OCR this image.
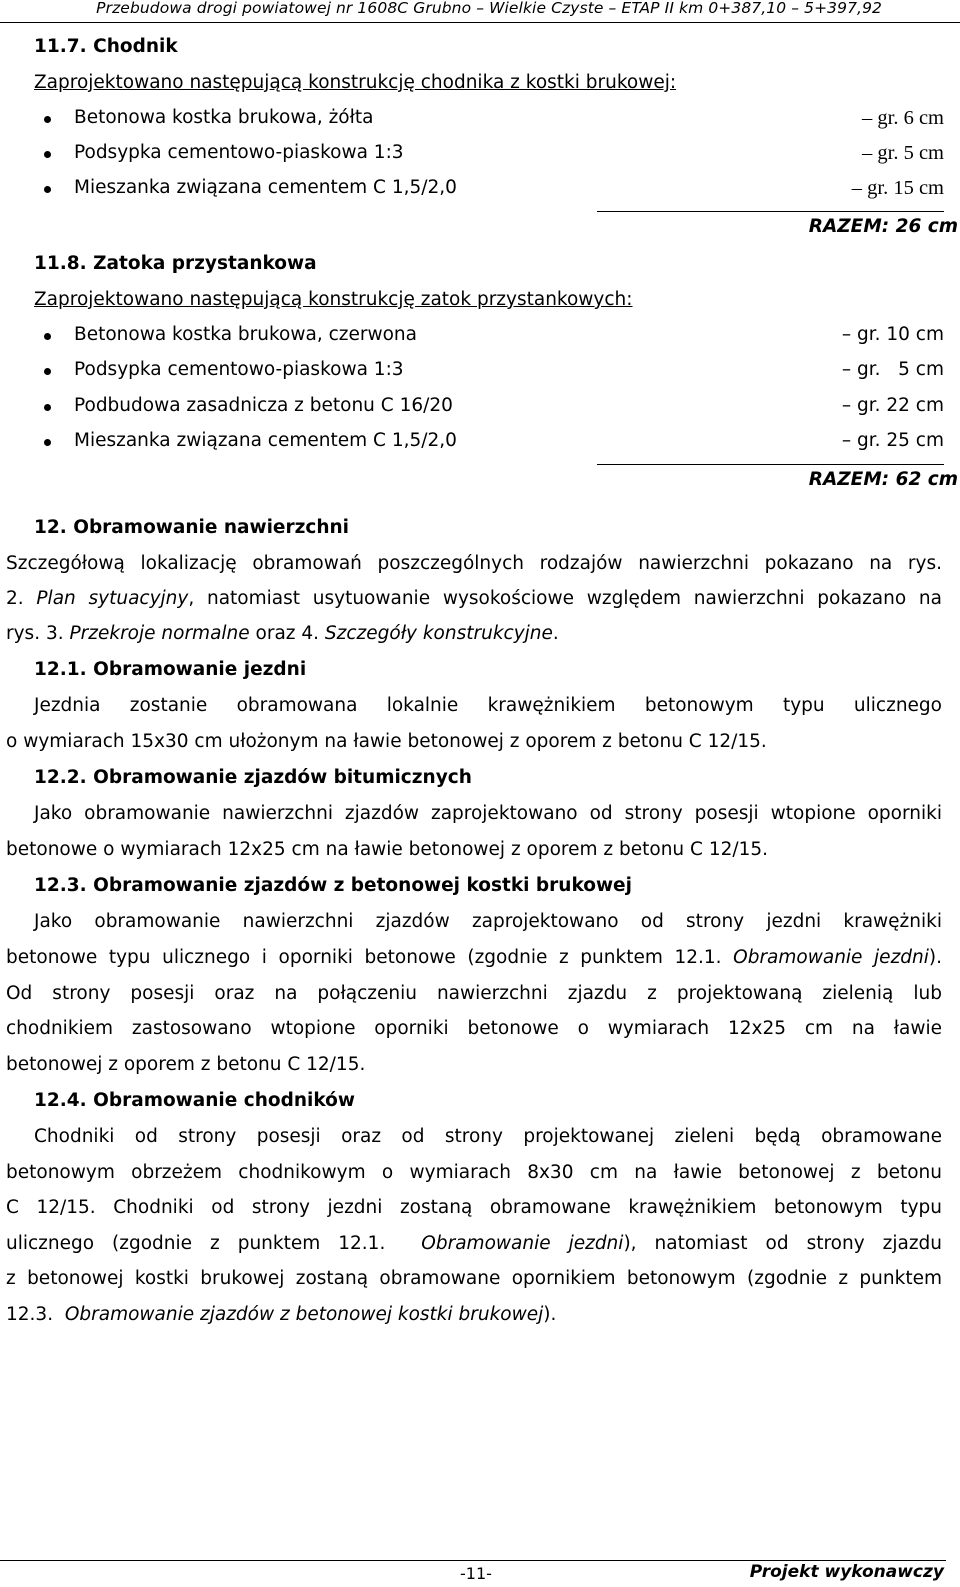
Przebudowa drogi powiatowej nr 1608C Grubno – Wielkie Czyste – ETAP II km 0+387,10 – 5+397,92
11.7. Chodnik
Zaprojektowano następującą konstrukcję chodnika z kostki brukowej:
Betonowa kostka brukowa, żółta	– gr. 6 cm
Podsypka cementowo-piaskowa 1:3	– gr. 5 cm
Mieszanka związana cementem C 1,5/2,0	– gr. 15 cm
RAZEM: 26 cm
11.8. Zatoka przystankowa
Zaprojektowano następującą konstrukcję zatok przystankowych:
Betonowa kostka brukowa, czerwona	– gr. 10 cm
Podsypka cementowo-piaskowa 1:3	– gr.   5 cm
Podbudowa zasadnicza z betonu C 16/20	– gr. 22 cm
Mieszanka związana cementem C 1,5/2,0	– gr. 25 cm
RAZEM: 62 cm
12. Obramowanie nawierzchni
Szczegółową lokalizację obramowań poszczególnych rodzajów nawierzchni pokazano na rys.
2. Plan sytuacyjny, natomiast usytuowanie wysokościowe względem nawierzchni pokazano na
rys. 3. Przekroje normalne oraz 4. Szczegóły konstrukcyjne.
12.1. Obramowanie jezdni
Jezdnia zostanie obramowana lokalnie krawężnikiem betonowym typu ulicznego
o wymiarach 15x30 cm ułożonym na ławie betonowej z oporem z betonu C 12/15.
12.2. Obramowanie zjazdów bitumicznych
Jako obramowanie nawierzchni zjazdów zaprojektowano od strony posesji wtopione oporniki
betonowe o wymiarach 12x25 cm na ławie betonowej z oporem z betonu C 12/15.
12.3. Obramowanie zjazdów z betonowej kostki brukowej
Jako obramowanie nawierzchni zjazdów zaprojektowano od strony jezdni krawężniki
betonowe typu ulicznego i oporniki betonowe (zgodnie z punktem 12.1. Obramowanie jezdni).
Od strony posesji oraz na połączeniu nawierzchni zjazdu z projektowaną zielenią lub
chodnikiem zastosowano wtopione oporniki betonowe o wymiarach 12x25 cm na ławie
betonowej z oporem z betonu C 12/15.
12.4. Obramowanie chodników
Chodniki od strony posesji oraz od strony projektowanej zieleni będą obramowane
betonowym obrzeżem chodnikowym o wymiarach 8x30 cm na ławie betonowej z betonu
C 12/15. Chodniki od strony jezdni zostaną obramowane krawężnikiem betonowym typu
ulicznego (zgodnie z punktem 12.1.  Obramowanie jezdni), natomiast od strony zjazdu
z betonowej kostki brukowej zostaną obramowane opornikiem betonowym (zgodnie z punktem
12.3.  Obramowanie zjazdów z betonowej kostki brukowej).
-11-	Projekt wykonawczy
